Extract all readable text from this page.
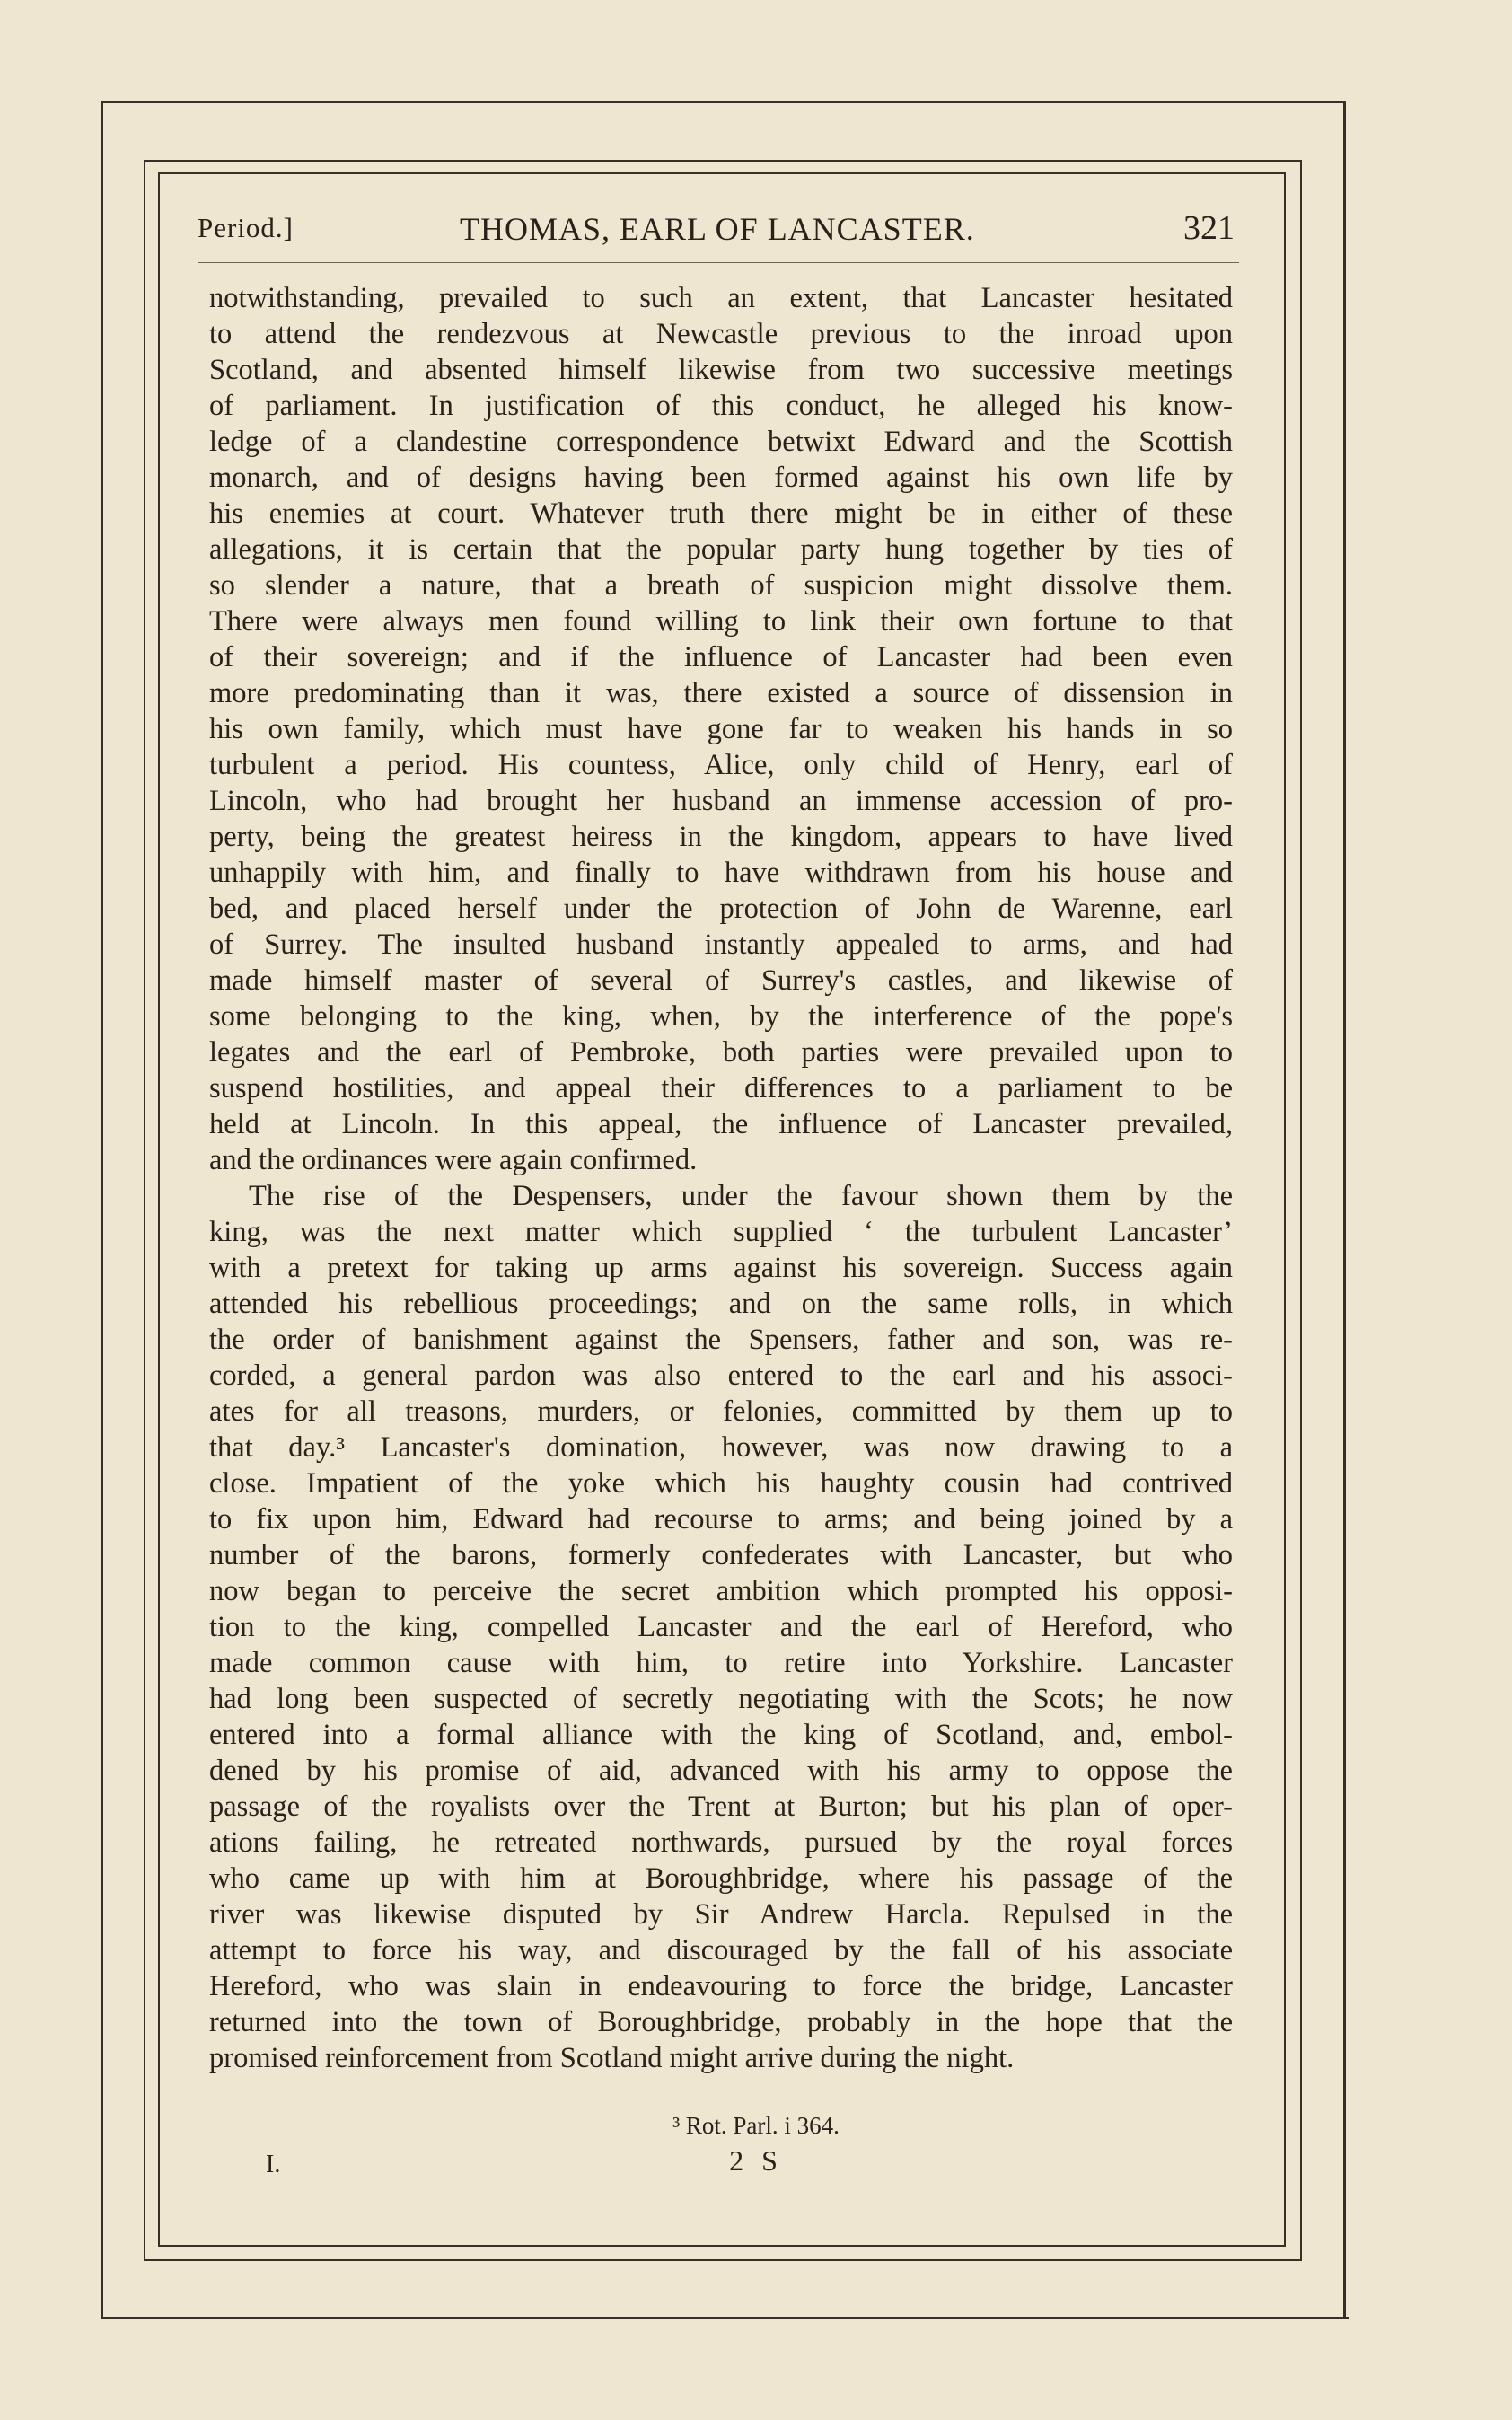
Period.]	THOMAS, EARL OF LANCASTER.	321
notwithstanding, prevailed to such an extent, that Lancaster hesitated
to attend the rendezvous at Newcastle previous to the inroad upon
Scotland, and absented himself likewise from two successive meetings
of parliament. In justification of this conduct, he alleged his know-
ledge of a clandestine correspondence betwixt Edward and the Scottish
monarch, and of designs having been formed against his own life by
his enemies at court. Whatever truth there might be in either of these
allegations, it is certain that the popular party hung together by ties of
so slender a nature, that a breath of suspicion might dissolve them.
There were always men found willing to link their own fortune to that
of their sovereign; and if the influence of Lancaster had been even
more predominating than it was, there existed a source of dissension in
his own family, which must have gone far to weaken his hands in so
turbulent a period. His countess, Alice, only child of Henry, earl of
Lincoln, who had brought her husband an immense accession of pro-
perty, being the greatest heiress in the kingdom, appears to have lived
unhappily with him, and finally to have withdrawn from his house and
bed, and placed herself under the protection of John de Warenne, earl
of Surrey. The insulted husband instantly appealed to arms, and had
made himself master of several of Surrey's castles, and likewise of
some belonging to the king, when, by the interference of the pope's
legates and the earl of Pembroke, both parties were prevailed upon to
suspend hostilities, and appeal their differences to a parliament to be
held at Lincoln. In this appeal, the influence of Lancaster prevailed,
and the ordinances were again confirmed.
The rise of the Despensers, under the favour shown them by the
king, was the next matter which supplied ‘ the turbulent Lancaster’
with a pretext for taking up arms against his sovereign. Success again
attended his rebellious proceedings; and on the same rolls, in which
the order of banishment against the Spensers, father and son, was re-
corded, a general pardon was also entered to the earl and his associ-
ates for all treasons, murders, or felonies, committed by them up to
that day.³ Lancaster's domination, however, was now drawing to a
close. Impatient of the yoke which his haughty cousin had contrived
to fix upon him, Edward had recourse to arms; and being joined by a
number of the barons, formerly confederates with Lancaster, but who
now began to perceive the secret ambition which prompted his opposi-
tion to the king, compelled Lancaster and the earl of Hereford, who
made common cause with him, to retire into Yorkshire. Lancaster
had long been suspected of secretly negotiating with the Scots; he now
entered into a formal alliance with the king of Scotland, and, embol-
dened by his promise of aid, advanced with his army to oppose the
passage of the royalists over the Trent at Burton; but his plan of oper-
ations failing, he retreated northwards, pursued by the royal forces
who came up with him at Boroughbridge, where his passage of the
river was likewise disputed by Sir Andrew Harcla. Repulsed in the
attempt to force his way, and discouraged by the fall of his associate
Hereford, who was slain in endeavouring to force the bridge, Lancaster
returned into the town of Boroughbridge, probably in the hope that the
promised reinforcement from Scotland might arrive during the night.
³ Rot. Parl. i 364.
I.	2 S
